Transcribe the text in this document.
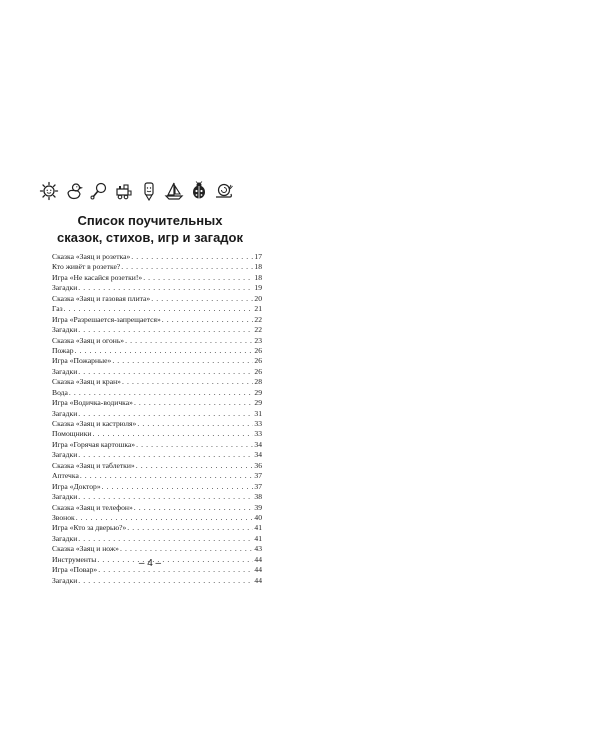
Список поучительных
сказок, стихов, игр и загадок
Сказка «Заяц и розетка» . . .	17
Кто живёт в розетке? . . .	18
Игра «Не касайся розетки!» . . .	18
Загадки . . .	19
Сказка «Заяц и газовая плита» . . .	20
Газ . . .	21
Игра «Разрешается-запрещается» . . .	22
Загадки . . .	22
Сказка «Заяц и огонь» . . .	23
Пожар . . .	26
Игра «Пожарные» . . .	26
Загадки . . .	26
Сказка «Заяц и кран» . . .	28
Вода . . .	29
Игра «Водичка-водичка» . . .	29
Загадки . . .	31
Сказка «Заяц и кастрюля» . . .	33
Помощники . . .	33
Игра «Горячая картошка» . . .	34
Загадки . . .	34
Сказка «Заяц и таблетки» . . .	36
Аптечка . . .	37
Игра «Доктор» . . .	37
Загадки . . .	38
Сказка «Заяц и телефон» . . .	39
Звонок . . .	40
Игра «Кто за дверью?» . . .	41
Загадки . . .	41
Сказка «Заяц и нож» . . .	43
Инструменты . . .	44
Игра «Повар» . . .	44
Загадки . . .	44
– 4 –
